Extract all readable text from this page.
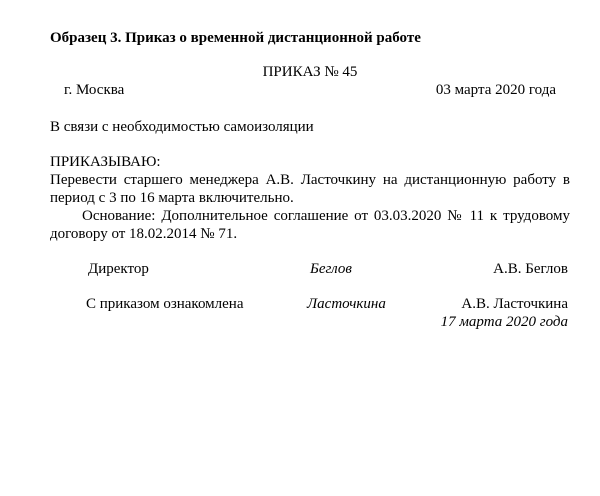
Образец 3. Приказ о временной дистанционной работе
ПРИКАЗ № 45
г. Москва	03 марта 2020 года
В связи с необходимостью самоизоляции
ПРИКАЗЫВАЮ:
Перевести старшего менеджера А.В. Ласточкину на дистанционную работу в период с 3 по 16 марта включительно.
Основание: Дополнительное соглашение от 03.03.2020 № 11 к трудовому договору от 18.02.2014 № 71.
Директор	Беглов	А.В. Беглов
С приказом ознакомлена	Ласточкина	А.В. Ласточкина
17 марта 2020 года
